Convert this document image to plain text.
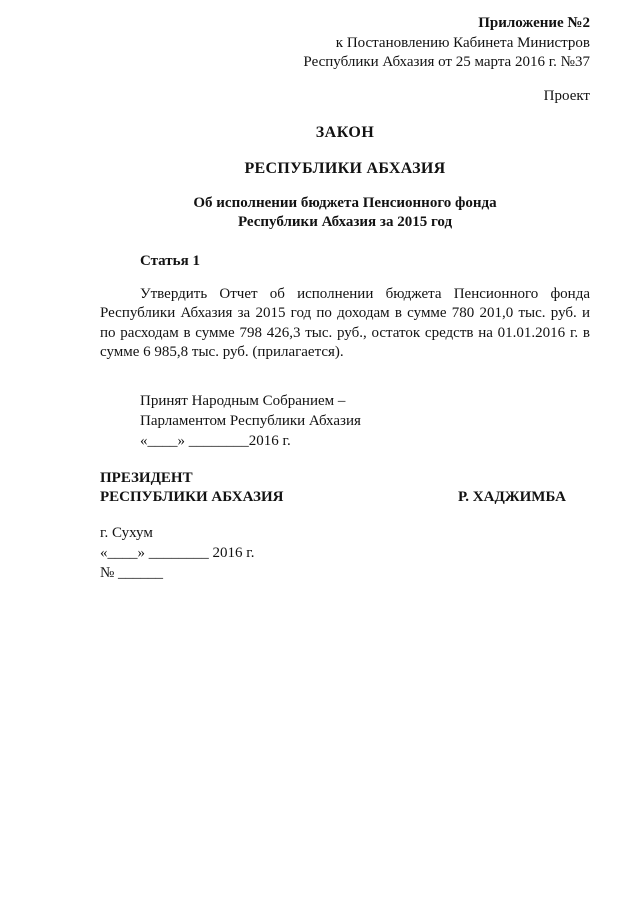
Приложение №2
к Постановлению Кабинета Министров
Республики Абхазия от 25 марта 2016 г. №37
Проект
ЗАКОН
РЕСПУБЛИКИ АБХАЗИЯ
Об исполнении бюджета Пенсионного фонда
Республики Абхазия за 2015 год
Статья 1

Утвердить Отчет об исполнении бюджета Пенсионного фонда Республики Абхазия за 2015 год по доходам в сумме 780 201,0 тыс. руб. и по расходам в сумме 798 426,3 тыс. руб., остаток средств на 01.01.2016 г. в сумме 6 985,8 тыс. руб. (прилагается).

Принят Народным Собранием –
Парламентом Республики Абхазия
«____» ________2016 г.
ПРЕЗИДЕНТ
РЕСПУБЛИКИ АБХАЗИЯ	Р. ХАДЖИМБА
г. Сухум
«____» ________ 2016 г.
№ ______
